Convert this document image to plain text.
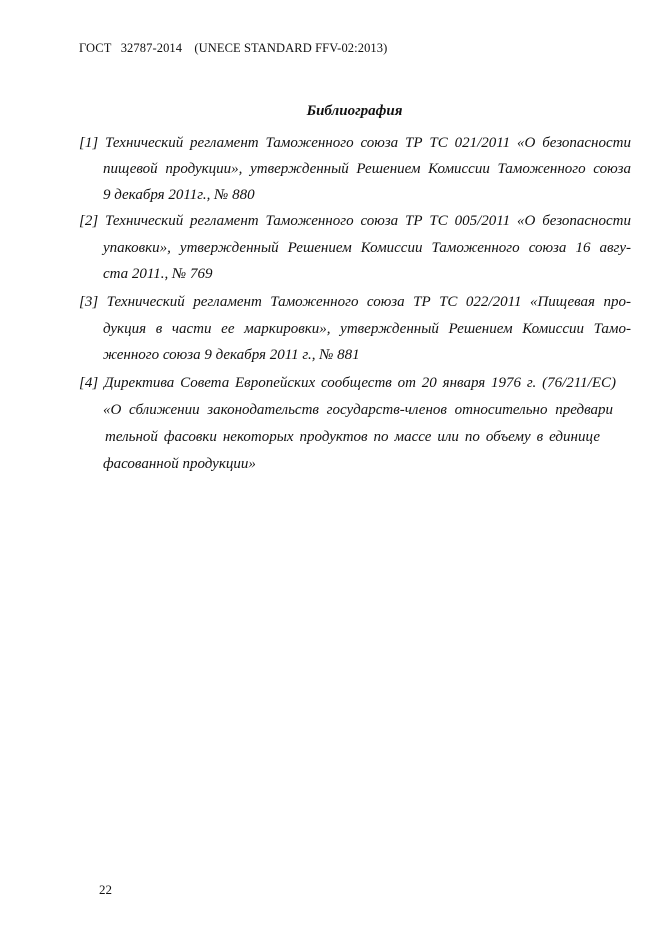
ГОСТ 32787-2014 (UNECE STANDARD FFV-02:2013)
Библиография
[1] Технический регламент Таможенного союза ТР ТС 021/2011 «О безопасности
пищевой продукции», утвержденный Решением Комиссии Таможенного союза
9 декабря 2011г., № 880
[2] Технический регламент Таможенного союза ТР ТС 005/2011 «О безопасности
упаковки», утвержденный Решением Комиссии Таможенного союза 16 авгу-
ста 2011., № 769
[3] Технический регламент Таможенного союза ТР ТС 022/2011 «Пищевая про-
дукция в части ее маркировки», утвержденный Решением Комиссии Тамо-
женного союза 9 декабря 2011 г., № 881
[4] Директива Совета Европейских сообществ от 20 января 1976 г. (76/211/ЕС)
«О сближении законодательств государств-членов относительно предвари
тельной фасовки некоторых продуктов по массе или по объему в единице
фасованной продукции»
22
